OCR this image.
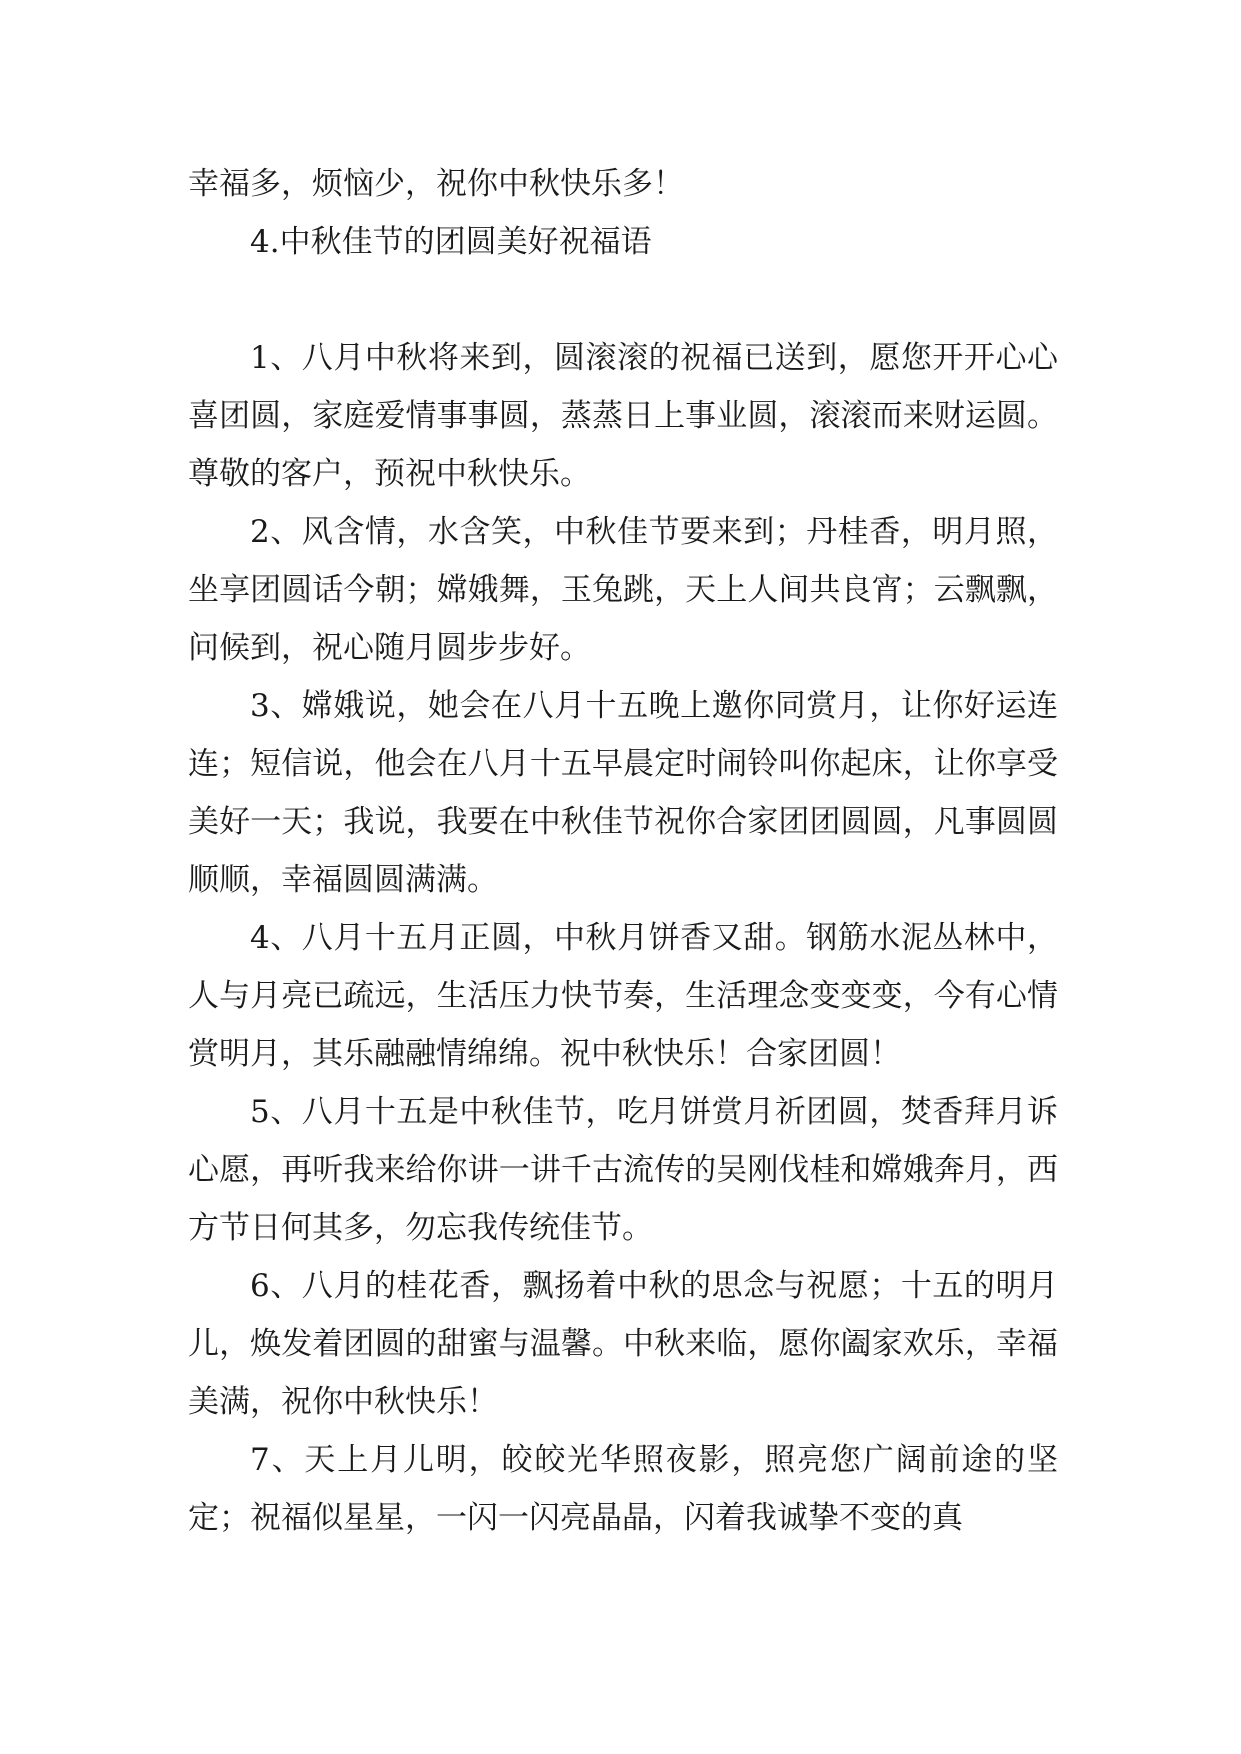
幸福多，烦恼少，祝你中秋快乐多！

4.中秋佳节的团圆美好祝福语

1、八月中秋将来到，圆滚滚的祝福已送到，愿您开开心心喜团圆，家庭爱情事事圆，蒸蒸日上事业圆，滚滚而来财运圆。尊敬的客户，预祝中秋快乐。

2、风含情，水含笑，中秋佳节要来到；丹桂香，明月照，坐享团圆话今朝；嫦娥舞，玉兔跳，天上人间共良宵；云飘飘，问候到，祝心随月圆步步好。

3、嫦娥说，她会在八月十五晚上邀你同赏月，让你好运连连；短信说，他会在八月十五早晨定时闹铃叫你起床，让你享受美好一天；我说，我要在中秋佳节祝你合家团团圆圆，凡事圆圆顺顺，幸福圆圆满满。

4、八月十五月正圆，中秋月饼香又甜。钢筋水泥丛林中，人与月亮已疏远，生活压力快节奏，生活理念变变变，今有心情赏明月，其乐融融情绵绵。祝中秋快乐！合家团圆！

5、八月十五是中秋佳节，吃月饼赏月祈团圆，焚香拜月诉心愿，再听我来给你讲一讲千古流传的吴刚伐桂和嫦娥奔月，西方节日何其多，勿忘我传统佳节。

6、八月的桂花香，飘扬着中秋的思念与祝愿；十五的明月儿，焕发着团圆的甜蜜与温馨。中秋来临，愿你阖家欢乐，幸福美满，祝你中秋快乐！

7、天上月儿明，皎皎光华照夜影，照亮您广阔前途的坚定；祝福似星星，一闪一闪亮晶晶，闪着我诚挚不变的真
